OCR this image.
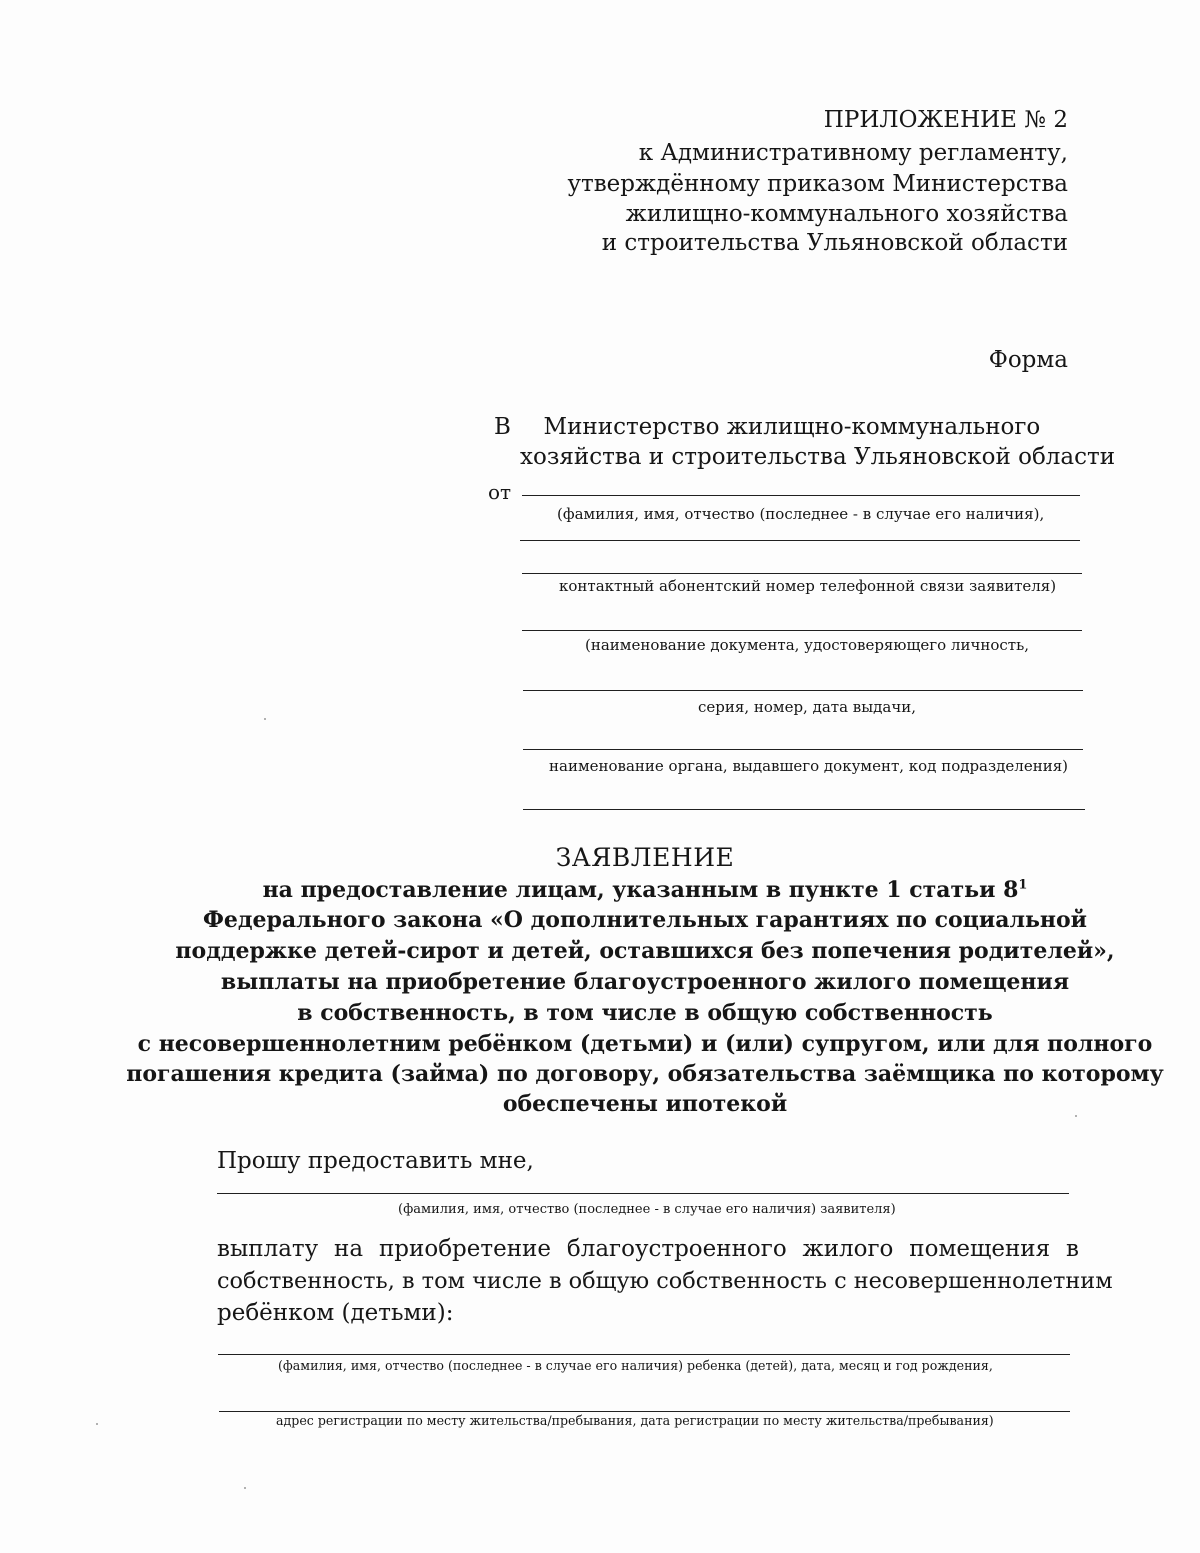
ПРИЛОЖЕНИЕ № 2
к Административному регламенту,
утверждённому приказом Министерства
жилищно-коммунального хозяйства
и строительства Ульяновской области
Форма
В Министерство жилищно-коммунального
хозяйства и строительства Ульяновской области
от
(фамилия, имя, отчество (последнее - в случае его наличия),
контактный абонентский номер телефонной связи заявителя)
(наименование документа, удостоверяющего личность,
серия, номер, дата выдачи,
наименование органа, выдавшего документ, код подразделения)
ЗАЯВЛЕНИЕ
на предоставление лицам, указанным в пункте 1 статьи $8^1$
Федерального закона «О дополнительных гарантиях по социальной
поддержке детей-сирот и детей, оставшихся без попечения родителей»,
выплаты на приобретение благоустроенного жилого помещения
в собственность, в том числе в общую собственность
с несовершеннолетним ребёнком (детьми) и (или) супругом, или для полного
погашения кредита (займа) по договору, обязательства заёмщика по которому
обеспечены ипотекой
Прошу предоставить мне,
(фамилия, имя, отчество (последнее - в случае его наличия) заявителя)
выплату на приобретение благоустроенного жилого помещения в
собственность, в том числе в общую собственность с несовершеннолетним
ребёнком (детьми):
(фамилия, имя, отчество (последнее - в случае его наличия) ребенка (детей), дата, месяц и год рождения,
адрес регистрации по месту жительства/пребывания, дата регистрации по месту жительства/пребывания)
